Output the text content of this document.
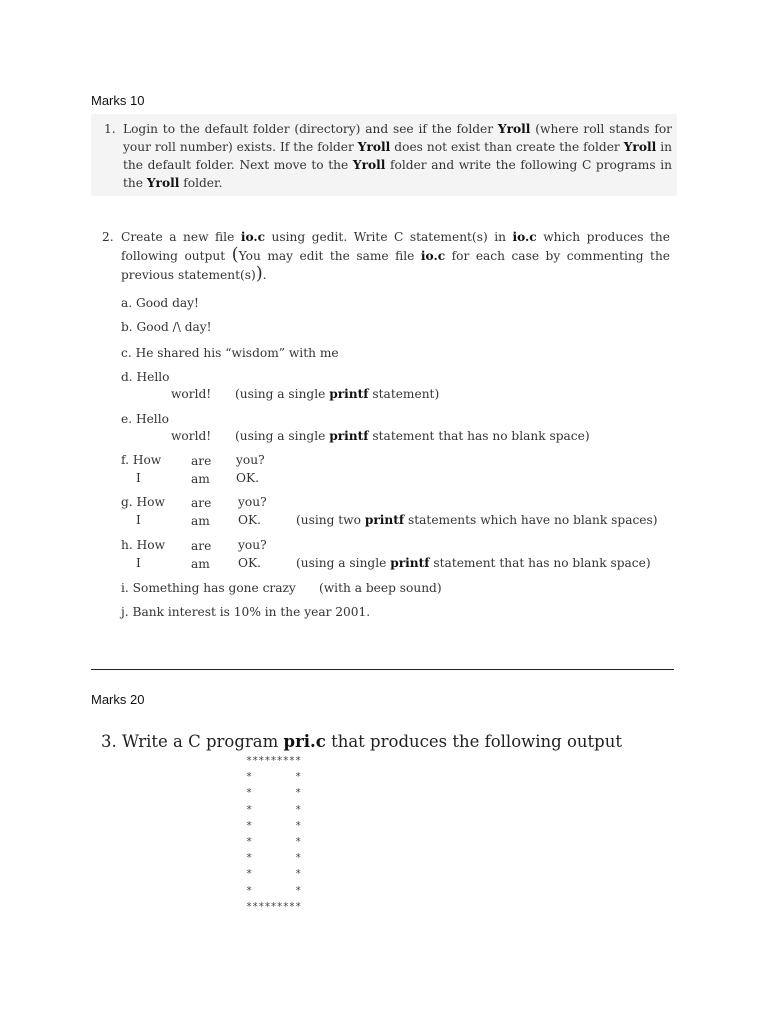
Marks 10
1. Login to the default folder (directory) and see if the folder Yroll (where roll stands for your roll number) exists. If the folder Yroll does not exist than create the folder Yroll in the default folder. Next move to the Yroll folder and write the following C programs in the Yroll folder.
2. Create a new file io.c using gedit. Write C statement(s) in io.c which produces the following output (You may edit the same file io.c for each case by commenting the previous statement(s)).
a. Good day!
b. Good /\ day!
c. He shared his “wisdom” with me
d. Hello
world! (using a single printf statement)
e. Hello
world! (using a single printf statement that has no blank space)
f. How are you?
I	am OK.
g. How are you?
I	am OK.	(using two printf statements which have no blank spaces)
h. How are you?
I	am OK.	(using a single printf statement that has no blank space)
i. Something has gone crazy (with a beep sound)
j. Bank interest is 10% in the year 2001.
Marks 20
3. Write a C program pri.c that produces the following output
*********
*       *
*       *
*       *
*       *
*       *
*       *
*       *
*       *
*********
